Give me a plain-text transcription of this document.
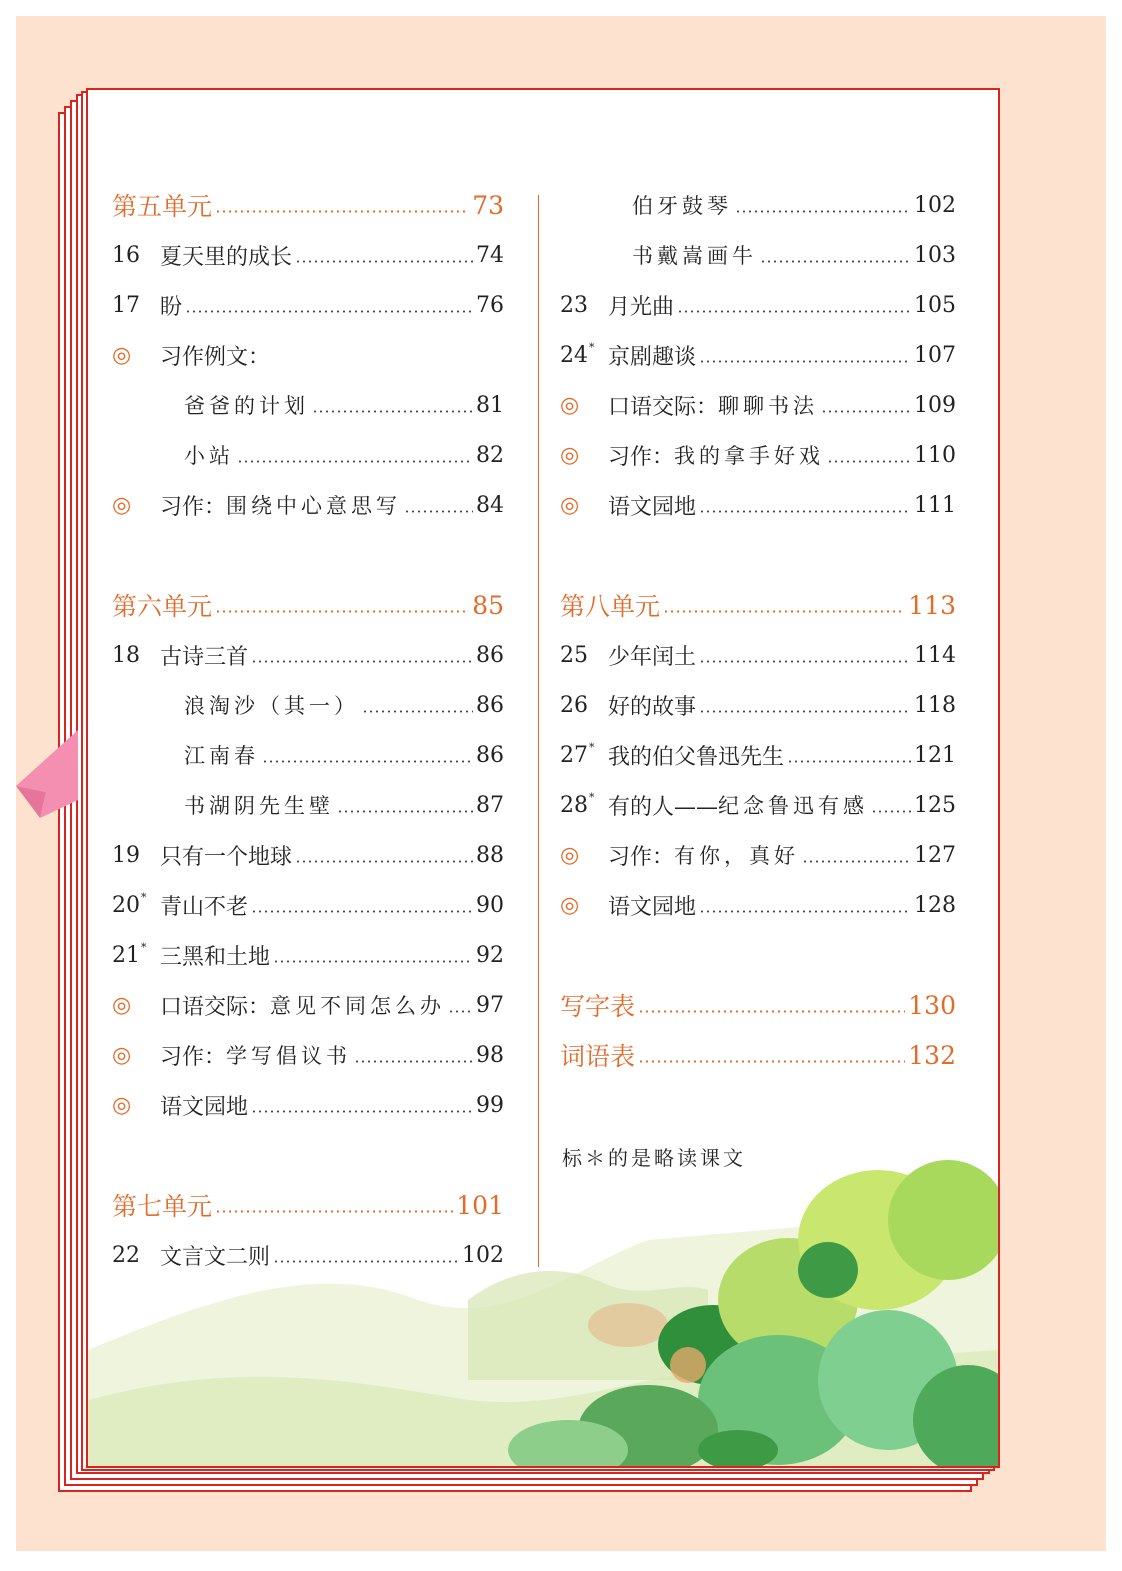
第五单元	73
16 夏天里的成长	74
17 盼	76
◎	习作例文：
爸爸的计划	81
小站	82
◎	习作： 围绕中心意思写	84
第六单元	85
18 古诗三首	86
浪淘沙（其一）	86
江南春	86
书湖阴先生壁	87
19 只有一个地球	88
20* 青山不老	90
21* 三黑和土地	92
◎	口语交际： 意见不同怎么办 97
◎	习作： 学写倡议书	98
◎	语文园地	99
第七单元	101
22 文言文二则	102
伯牙鼓琴	102
书戴嵩画牛	103
23 月光曲	105
24* 京剧趣谈	107
◎	口语交际： 聊聊书法	109
◎	习作： 我的拿手好戏	110
◎	语文园地	111
第八单元	113
25 少年闰土	114
26 好的故事	118
27* 我的伯父鲁迅先生	121
28* 有的人—— 纪念鲁迅有感 125
◎	习作： 有你，真好	127
◎	语文园地	128
写字表	130
词语表	132
标＊的是略读课文
